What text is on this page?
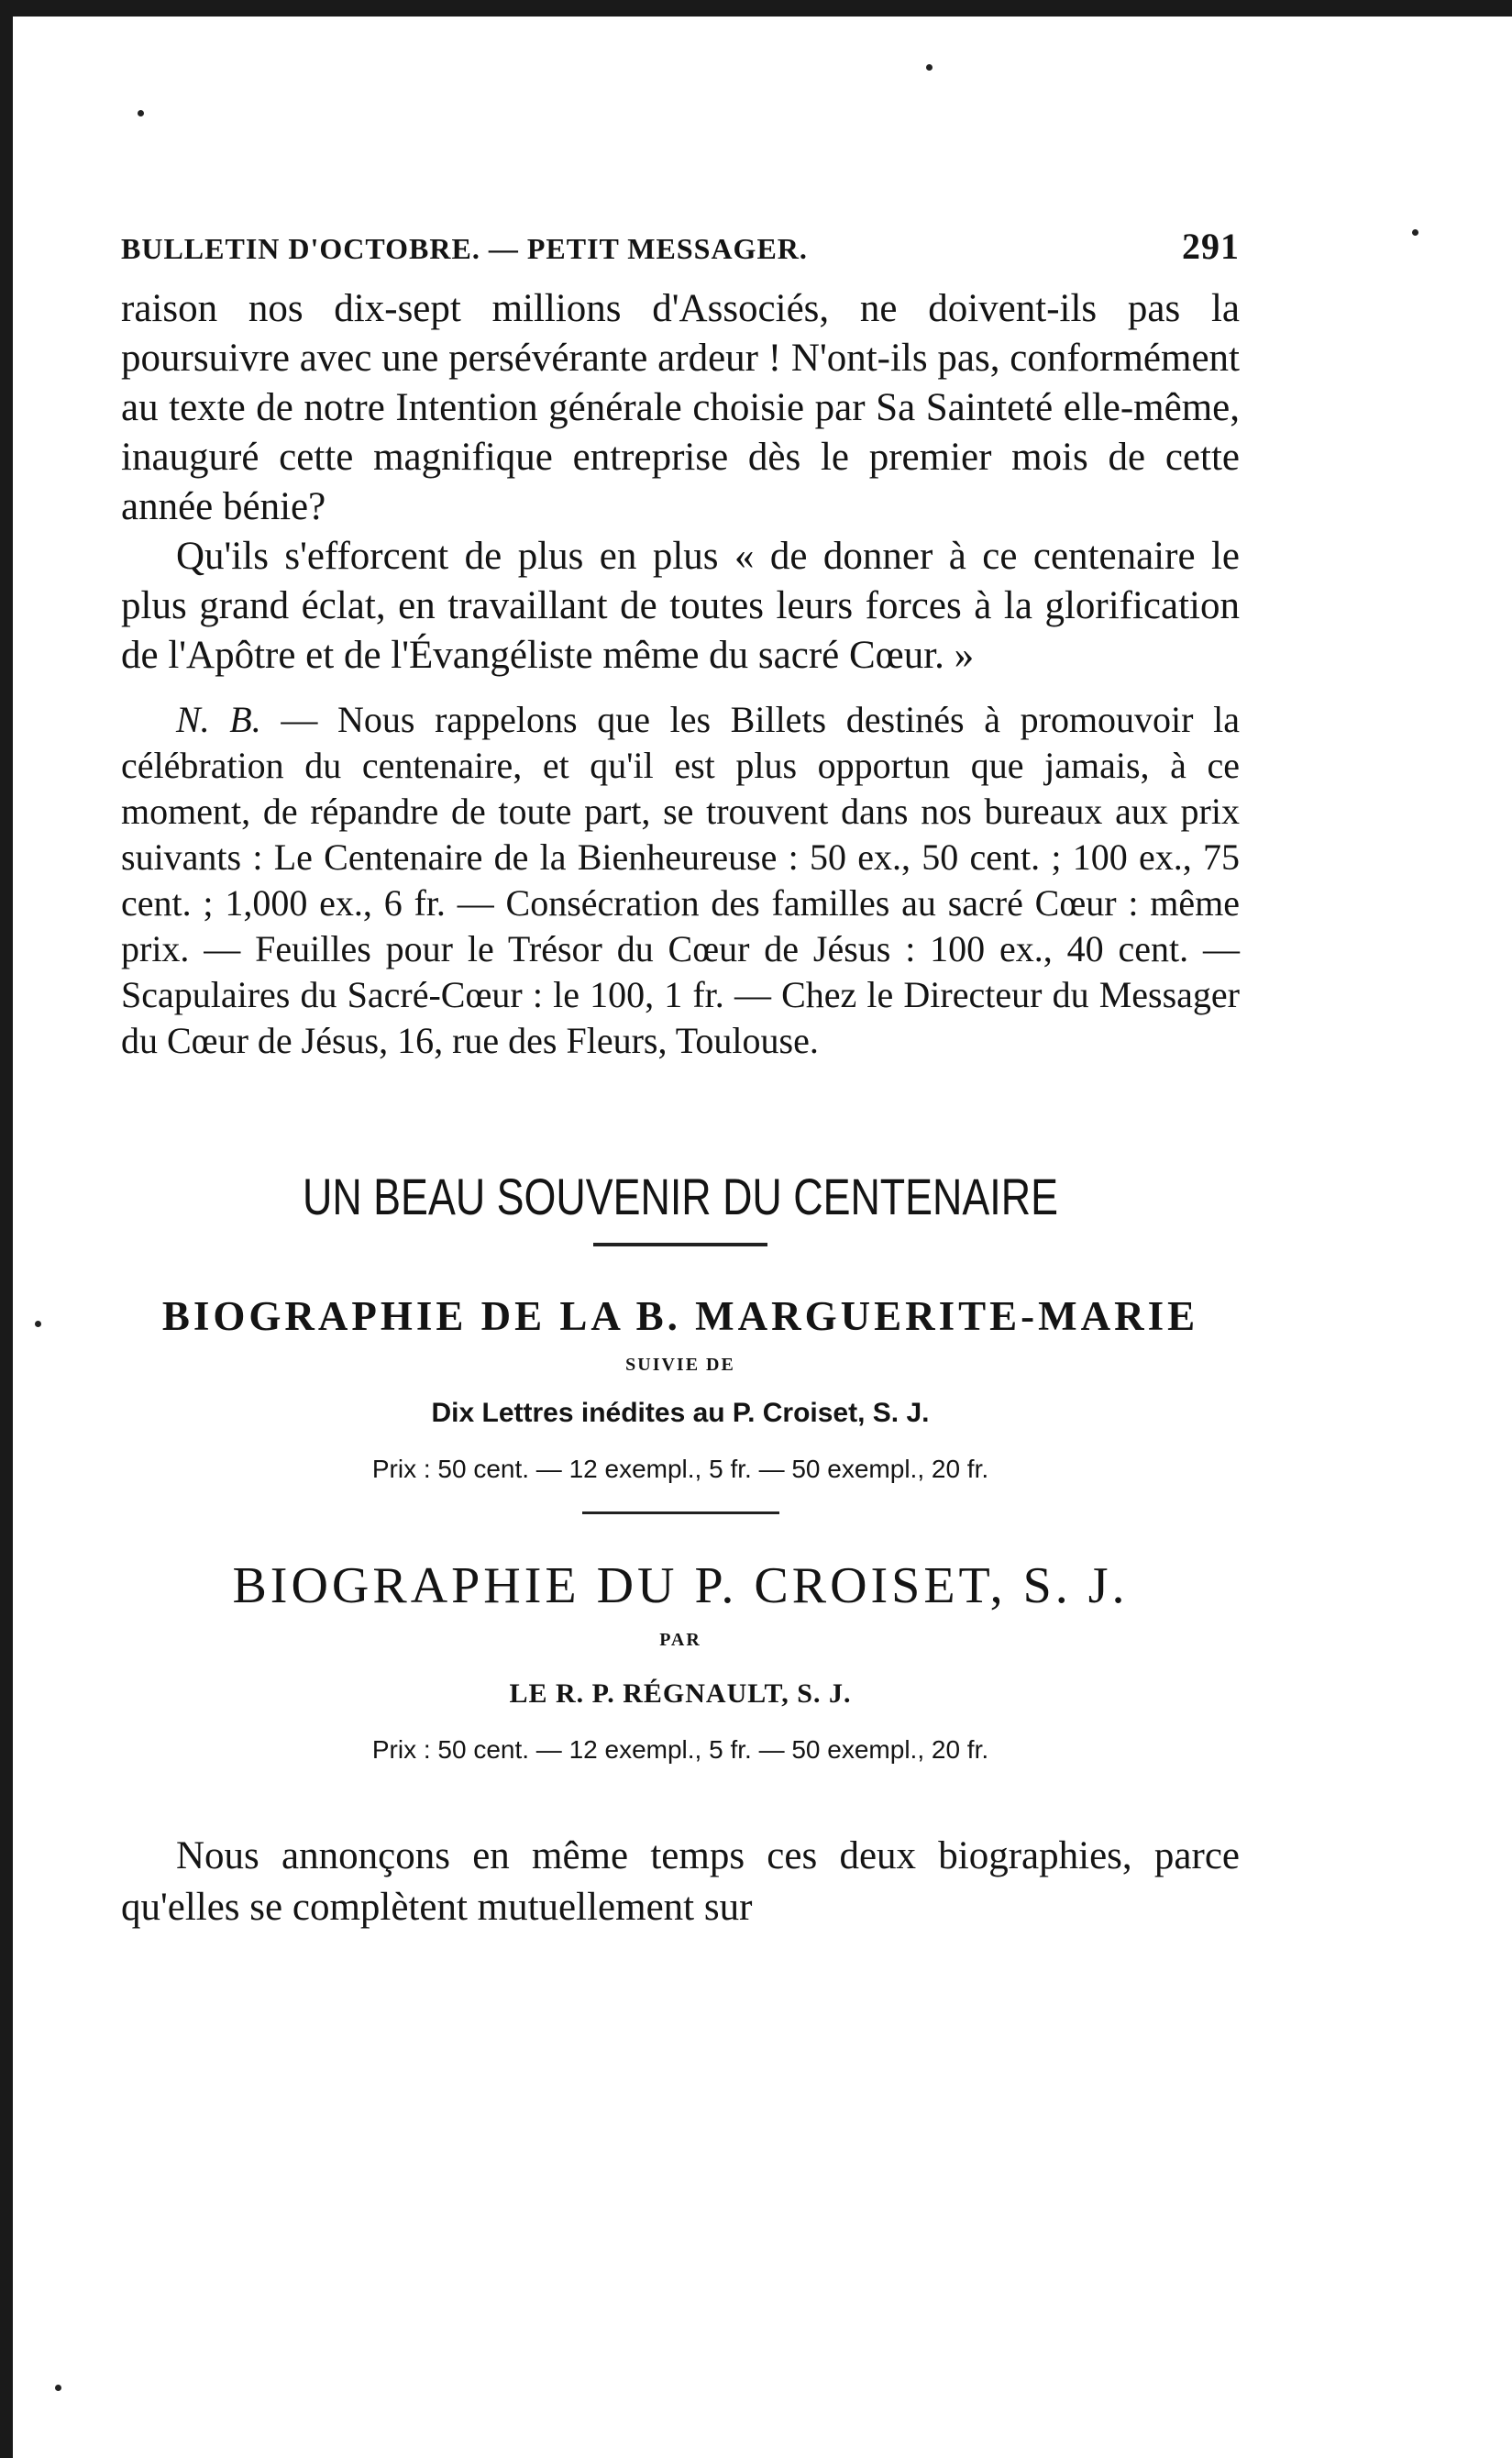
BULLETIN D'OCTOBRE. — PETIT MESSAGER.	291

raison nos dix-sept millions d'Associés, ne doivent-ils pas la poursuivre avec une persévérante ardeur ! N'ont-ils pas, conformément au texte de notre Intention générale choisie par Sa Sainteté elle-même, inauguré cette magnifique entreprise dès le premier mois de cette année bénie?

Qu'ils s'efforcent de plus en plus « de donner à ce centenaire le plus grand éclat, en travaillant de toutes leurs forces à la glorification de l'Apôtre et de l'Évangéliste même du sacré Cœur. »

N. B. — Nous rappelons que les Billets destinés à promouvoir la célébration du centenaire, et qu'il est plus opportun que jamais, à ce moment, de répandre de toute part, se trouvent dans nos bureaux aux prix suivants : Le Centenaire de la Bienheureuse : 50 ex., 50 cent. ; 100 ex., 75 cent. ; 1,000 ex., 6 fr. — Consécration des familles au sacré Cœur : même prix. — Feuilles pour le Trésor du Cœur de Jésus : 100 ex., 40 cent. — Scapulaires du Sacré-Cœur : le 100, 1 fr. — Chez le Directeur du Messager du Cœur de Jésus, 16, rue des Fleurs, Toulouse.

UN BEAU SOUVENIR DU CENTENAIRE
BIOGRAPHIE DE LA B. MARGUERITE-MARIE
SUIVIE DE
Dix Lettres inédites au P. Croiset, S. J.
Prix : 50 cent. — 12 exempl., 5 fr. — 50 exempl., 20 fr.
BIOGRAPHIE DU P. CROISET, S. J.
PAR
LE R. P. RÉGNAULT, S. J.
Prix : 50 cent. — 12 exempl., 5 fr. — 50 exempl., 20 fr.

Nous annonçons en même temps ces deux biographies, parce qu'elles se complètent mutuellement sur
